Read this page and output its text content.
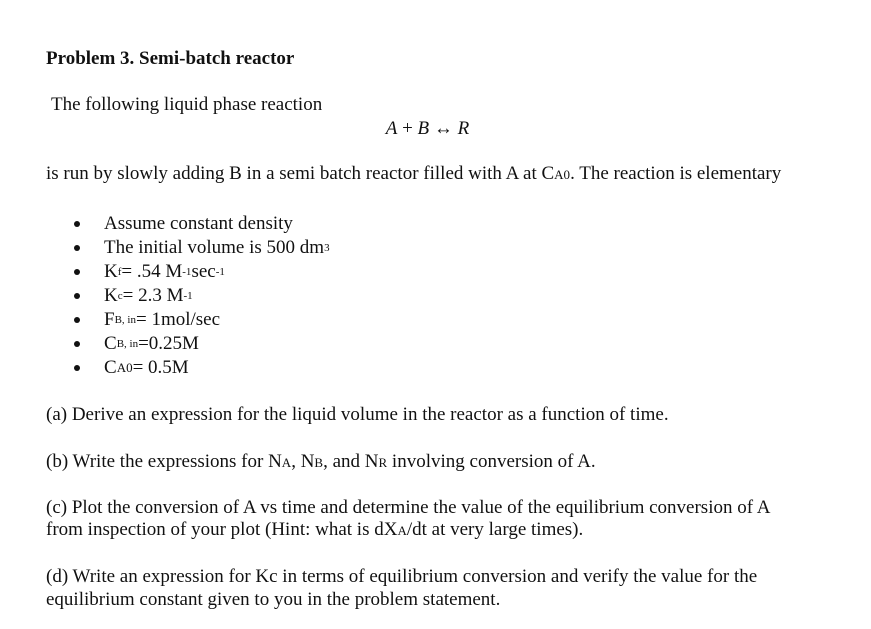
Problem 3. Semi-batch reactor
The following liquid phase reaction
A + B ↔ R
is run by slowly adding B in a semi batch reactor filled with A at CA0. The reaction is elementary
Assume constant density
The initial volume is 500 dm 3
K f = .54 M -1 sec -1
K c = 2.3 M -1
F B, in = 1mol/sec
C B, in =0.25M
C A0 = 0.5M
(a) Derive an expression for the liquid volume in the reactor as a function of time.
(b) Write the expressions for NA, NB, and NR involving conversion of A.
(c) Plot the conversion of A vs time and determine the value of the equilibrium conversion of A
from inspection of your plot (Hint: what is dXA/dt at very large times).
(d) Write an expression for Kc in terms of equilibrium conversion and verify the value for the
equilibrium constant given to you in the problem statement.
